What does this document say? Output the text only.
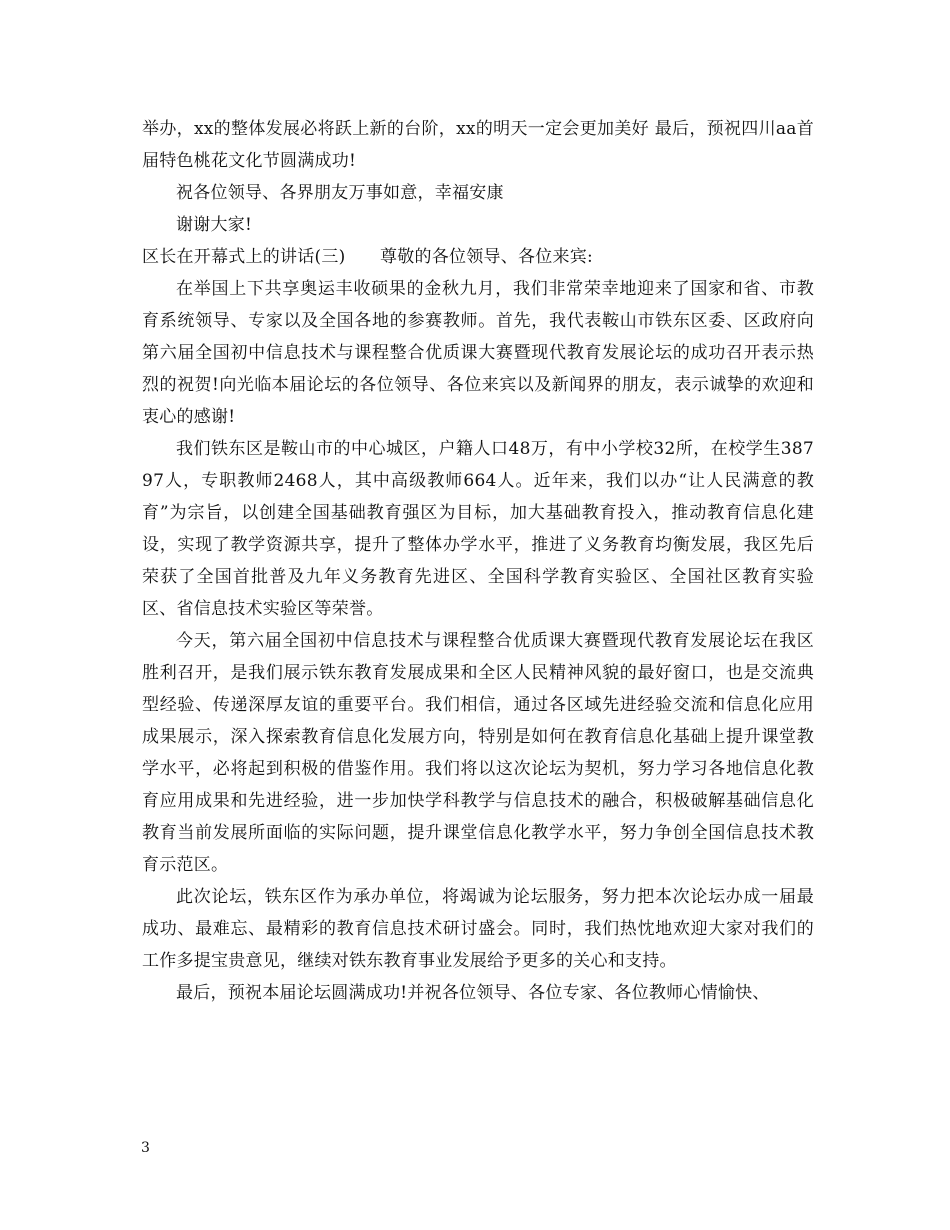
举办，xx的整体发展必将跃上新的台阶，xx的明天一定会更加美好 最后，预祝四川aa首届特色桃花文化节圆满成功!

祝各位领导、各界朋友万事如意，幸福安康

谢谢大家!

区长在开幕式上的讲话(三)　　尊敬的各位领导、各位来宾:

在举国上下共享奥运丰收硕果的金秋九月，我们非常荣幸地迎来了国家和省、市教育系统领导、专家以及全国各地的参赛教师。首先，我代表鞍山市铁东区委、区政府向第六届全国初中信息技术与课程整合优质课大赛暨现代教育发展论坛的成功召开表示热烈的祝贺!向光临本届论坛的各位领导、各位来宾以及新闻界的朋友，表示诚挚的欢迎和衷心的感谢!

我们铁东区是鞍山市的中心城区，户籍人口48万，有中小学校32所，在校学生38797人，专职教师2468人，其中高级教师664人。近年来，我们以办“让人民满意的教育”为宗旨，以创建全国基础教育强区为目标，加大基础教育投入，推动教育信息化建设，实现了教学资源共享，提升了整体办学水平，推进了义务教育均衡发展，我区先后荣获了全国首批普及九年义务教育先进区、全国科学教育实验区、全国社区教育实验区、省信息技术实验区等荣誉。

今天，第六届全国初中信息技术与课程整合优质课大赛暨现代教育发展论坛在我区胜利召开，是我们展示铁东教育发展成果和全区人民精神风貌的最好窗口，也是交流典型经验、传递深厚友谊的重要平台。我们相信，通过各区域先进经验交流和信息化应用成果展示，深入探索教育信息化发展方向，特别是如何在教育信息化基础上提升课堂教学水平，必将起到积极的借鉴作用。我们将以这次论坛为契机，努力学习各地信息化教育应用成果和先进经验，进一步加快学科教学与信息技术的融合，积极破解基础信息化教育当前发展所面临的实际问题，提升课堂信息化教学水平，努力争创全国信息技术教育示范区。

此次论坛，铁东区作为承办单位，将竭诚为论坛服务，努力把本次论坛办成一届最成功、最难忘、最精彩的教育信息技术研讨盛会。同时，我们热忱地欢迎大家对我们的工作多提宝贵意见，继续对铁东教育事业发展给予更多的关心和支持。

最后，预祝本届论坛圆满成功!并祝各位领导、各位专家、各位教师心情愉快、

3
